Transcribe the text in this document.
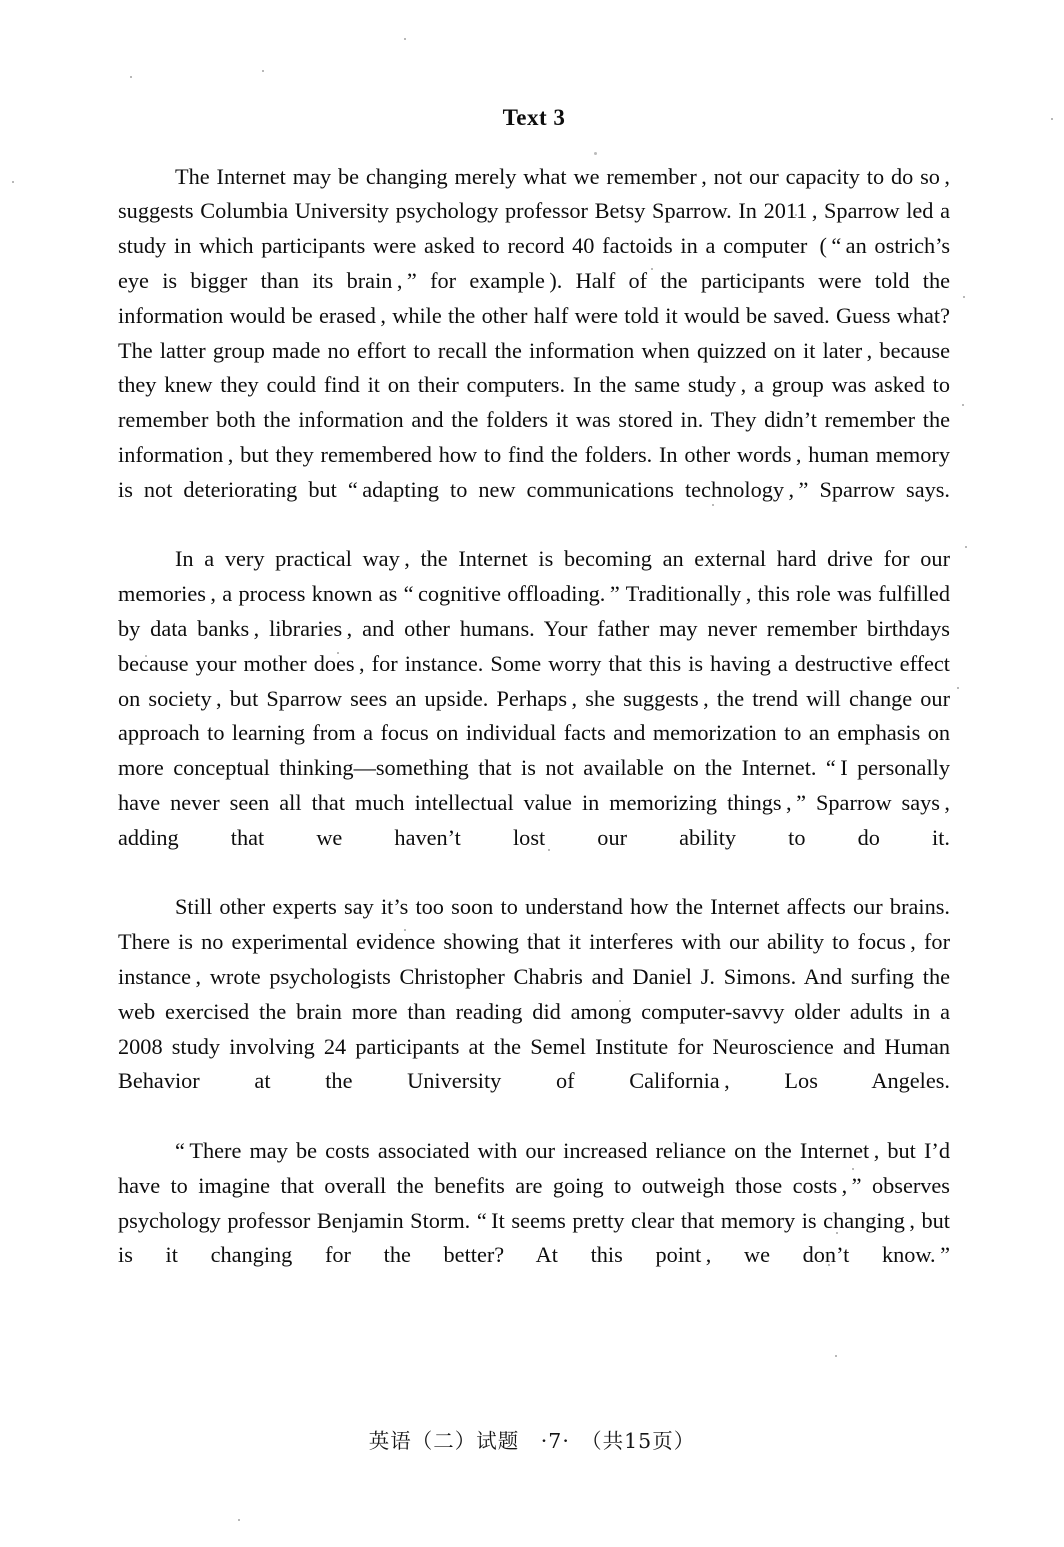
Text 3

The Internet may be changing merely what we remember , not our capacity to do so , suggests Columbia University psychology professor Betsy Sparrow. In 2011 , Sparrow led a study in which participants were asked to record 40 factoids in a computer  ( “ an ostrich’s eye is bigger than its brain , ” for example ). Half of the participants were told the information would be erased , while the other half were told it would be saved. Guess what? The latter group made no effort to recall the information when quizzed on it later , because they knew they could find it on their computers. In the same study , a group was asked to remember both the information and the folders it was stored in. They didn’t remember the information , but they remembered how to find the folders. In other words , human memory is not deteriorating but “ adapting to new communications technology , ” Sparrow says.

In a very practical way , the Internet is becoming an external hard drive for our memories , a process known as “ cognitive offloading. ” Traditionally , this role was fulfilled by data banks , libraries , and other humans. Your father may never remember birthdays because your mother does , for instance. Some worry that this is having a destructive effect on society , but Sparrow sees an upside. Perhaps , she suggests , the trend will change our approach to learning from a focus on individual facts and memorization to an emphasis on more conceptual thinking—something that is not available on the Internet. “ I personally have never seen all that much intellectual value in memorizing things , ” Sparrow says , adding that we haven’t lost our ability to do it.

Still other experts say it’s too soon to understand how the Internet affects our brains. There is no experimental evidence showing that it interferes with our ability to focus , for instance , wrote psychologists Christopher Chabris and Daniel J. Simons. And surfing the web exercised the brain more than reading did among computer-savvy older adults in a 2008 study involving 24 participants at the Semel Institute for Neuroscience and Human Behavior at the University of California , Los Angeles.

“ There may be costs associated with our increased reliance on the Internet , but I’d have to imagine that overall the benefits are going to outweigh those costs , ” observes psychology professor Benjamin Storm. “ It seems pretty clear that memory is changing , but is it changing for the better? At this point , we don’t know. ”

英语（二）试题　·7·　（共15页）
